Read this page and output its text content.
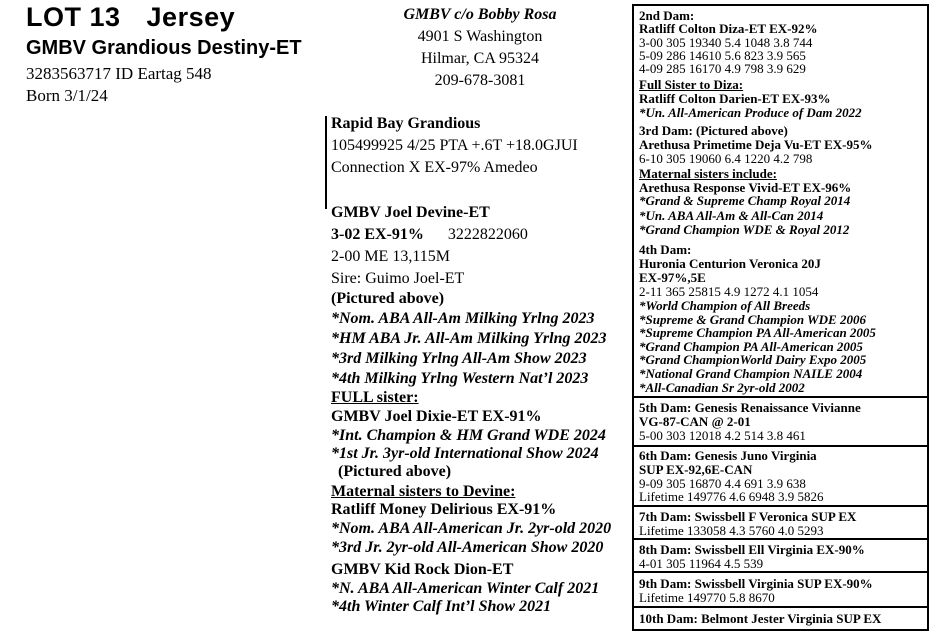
LOT 13 Jersey
GMBV Grandious Destiny-ET
3283563717 ID Eartag 548
Born 3/1/24
GMBV c/o Bobby Rosa
4901 S Washington
Hilmar, CA 95324
209-678-3081
Rapid Bay Grandious
105499925 4/25 PTA +.6T +18.0GJUI
Connection X EX-97% Amedeo
GMBV Joel Devine-ET
3-02 EX-91% 3222822060
2-00 ME 13,115M
Sire: Guimo Joel-ET
(Pictured above)
*Nom. ABA All-Am Milking Yrlng 2023
*HM ABA Jr. All-Am Milking Yrlng 2023
*3rd Milking Yrlng All-Am Show 2023
*4th Milking Yrlng Western Nat’l 2023
FULL sister:
GMBV Joel Dixie-ET EX-91%
*Int. Champion & HM Grand WDE 2024
*1st Jr. 3yr-old International Show 2024
(Pictured above)
Maternal sisters to Devine:
Ratliff Money Delirious EX-91%
*Nom. ABA All-American Jr. 2yr-old 2020
*3rd Jr. 2yr-old All-American Show 2020
GMBV Kid Rock Dion-ET
*N. ABA All-American Winter Calf 2021
*4th Winter Calf Int’l Show 2021
2nd Dam:
Ratliff Colton Diza-ET EX-92%
3-00 305 19340 5.4 1048 3.8 744
5-09 286 14610 5.6 823 3.9 565
4-09 285 16170 4.9 798 3.9 629
Full Sister to Diza:
Ratliff Colton Darien-ET EX-93%
*Un. All-American Produce of Dam 2022
3rd Dam: (Pictured above)
Arethusa Primetime Deja Vu-ET EX-95%
6-10 305 19060 6.4 1220 4.2 798
Maternal sisters include:
Arethusa Response Vivid-ET EX-96%
*Grand & Supreme Champ Royal 2014
*Un. ABA All-Am & All-Can 2014
*Grand Champion WDE & Royal 2012
4th Dam:
Huronia Centurion Veronica 20J
EX-97%,5E
2-11 365 25815 4.9 1272 4.1 1054
*World Champion of All Breeds
*Supreme & Grand Champion WDE 2006
*Supreme Champion PA All-American 2005
*Grand Champion PA All-American 2005
*Grand ChampionWorld Dairy Expo 2005
*National Grand Champion NAILE 2004
*All-Canadian Sr 2yr-old 2002
5th Dam: Genesis Renaissance Vivianne
VG-87-CAN @ 2-01
5-00 303 12018 4.2 514 3.8 461
6th Dam: Genesis Juno Virginia
SUP EX-92,6E-CAN
9-09 305 16870 4.4 691 3.9 638
Lifetime 149776 4.6 6948 3.9 5826
7th Dam: Swissbell F Veronica SUP EX
Lifetime 133058 4.3 5760 4.0 5293
8th Dam: Swissbell Ell Virginia EX-90%
4-01 305 11964 4.5 539
9th Dam: Swissbell Virginia SUP EX-90%
Lifetime 149770 5.8 8670
10th Dam: Belmont Jester Virginia SUP EX
